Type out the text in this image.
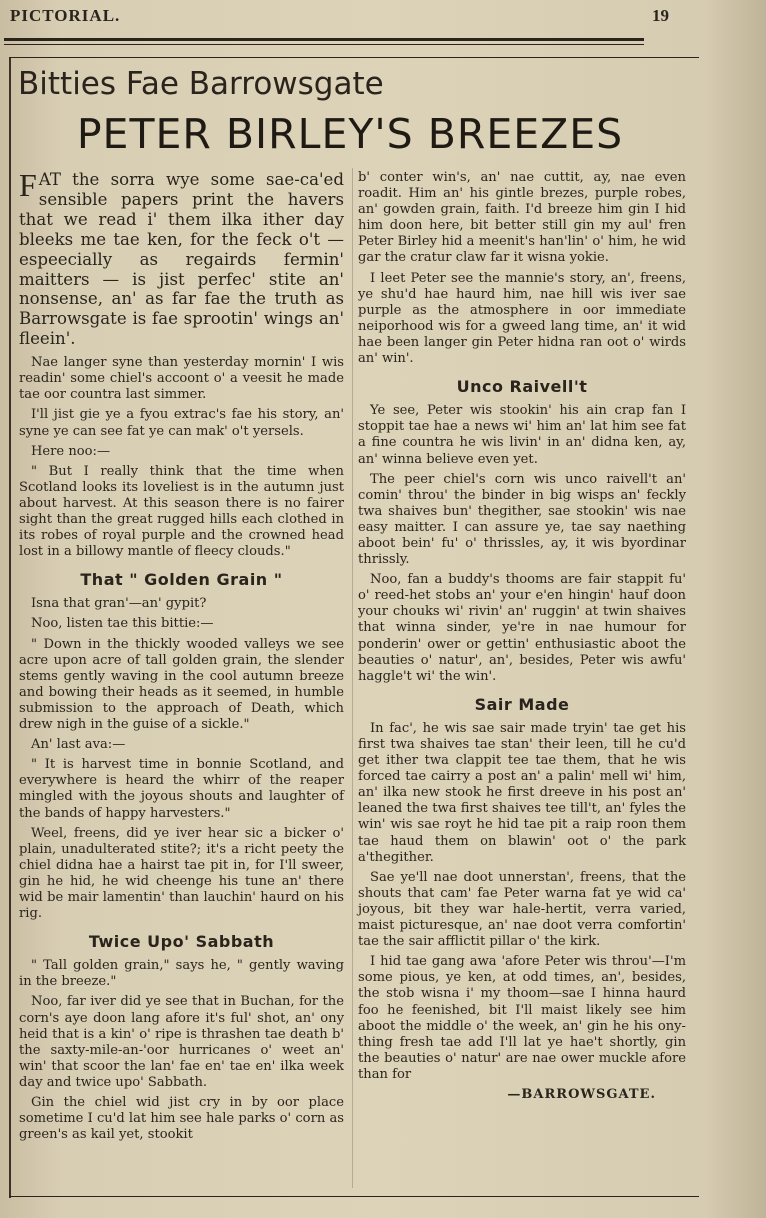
PICTORIAL.	19
Bitties Fae Barrowsgate
PETER BIRLEY'S BREEZES

FAT the sorra wye some sae-ca'ed sensible papers print the havers that we read i' them ilka ither day bleeks me tae ken, for the feck o't — espeecially as regairds fermin' maitters — is jist perfec' stite an' nonsense, an' as far fae the truth as Barrowsgate is fae sprootin' wings an' fleein'.

Nae langer syne than yesterday mornin' I wis readin' some chiel's accoont o' a veesit he made tae oor countra last simmer.

I'll jist gie ye a fyou extrac's fae his story, an' syne ye can see fat ye can mak' o't yersels.

Here noo:—

" But I really think that the time when Scotland looks its loveliest is in the autumn just about harvest. At this season there is no fairer sight than the great rugged hills each clothed in its robes of royal purple and the crowned head lost in a billowy mantle of fleecy clouds."

That " Golden Grain "

Isna that gran'—an' gypit?

Noo, listen tae this bittie:—

" Down in the thickly wooded valleys we see acre upon acre of tall golden grain, the slender stems gently waving in the cool autumn breeze and bowing their heads as it seemed, in humble submission to the approach of Death, which drew nigh in the guise of a sickle."

An' last ava:—

" It is harvest time in bonnie Scotland, and everywhere is heard the whirr of the reaper mingled with the joyous shouts and laughter of the bands of happy harvesters."

Weel, freens, did ye iver hear sic a bicker o' plain, unadulterated stite?; it's a richt peety the chiel didna hae a hairst tae pit in, for I'll sweer, gin he hid, he wid cheenge his tune an' there wid be mair lamentin' than lauchin' haurd on his rig.

Twice Upo' Sabbath

" Tall golden grain," says he, " gently waving in the breeze."

Noo, far iver did ye see that in Buchan, for the corn's aye doon lang afore it's ful' shot, an' ony heid that is a kin' o' ripe is thrashen tae death b' the saxty-mile-an-'oor hurricanes o' weet an' win' that scoor the lan' fae en' tae en' ilka week day and twice upo' Sabbath.

Gin the chiel wid jist cry in by oor place sometime I cu'd lat him see hale parks o' corn as green's as kail yet, stookit

b' conter win's, an' nae cuttit, ay, nae even roadit. Him an' his gintle brezes, purple robes, an' gowden grain, faith. I'd breeze him gin I hid him doon here, bit better still gin my aul' fren Peter Birley hid a meenit's han'lin' o' him, he wid gar the cratur claw far it wisna yokie.

I leet Peter see the mannie's story, an', freens, ye shu'd hae haurd him, nae hill wis iver sae purple as the atmosphere in oor immediate neiporhood wis for a gweed lang time, an' it wid hae been langer gin Peter hidna ran oot o' wirds an' win'.

Unco Raivell't

Ye see, Peter wis stookin' his ain crap fan I stoppit tae hae a news wi' him an' lat him see fat a fine countra he wis livin' in an' didna ken, ay, an' winna believe even yet.

The peer chiel's corn wis unco raivell't an' comin' throu' the binder in big wisps an' feckly twa shaives bun' thegither, sae stookin' wis nae easy maitter. I can assure ye, tae say naething aboot bein' fu' o' thrissles, ay, it wis byordinar thrissly.

Noo, fan a buddy's thooms are fair stappit fu' o' reed-het stobs an' your e'en hingin' hauf doon your chouks wi' rivin' an' ruggin' at twin shaives that winna sinder, ye're in nae humour for ponderin' ower or gettin' enthusiastic aboot the beauties o' natur', an', besides, Peter wis awfu' haggle't wi' the win'.

Sair Made

In fac', he wis sae sair made tryin' tae get his first twa shaives tae stan' their leen, till he cu'd get ither twa clappit tee tae them, that he wis forced tae cairry a post an' a palin' mell wi' him, an' ilka new stook he first dreeve in his post an' leaned the twa first shaives tee till't, an' fyles the win' wis sae royt he hid tae pit a raip roon them tae haud them on blawin' oot o' the park a'thegither.

Sae ye'll nae doot unnerstan', freens, that the shouts that cam' fae Peter warna fat ye wid ca' joyous, bit they war hale-hertit, verra varied, maist picturesque, an' nae doot verra comfortin' tae the sair afflictit pillar o' the kirk.

I hid tae gang awa 'afore Peter wis throu'—I'm some pious, ye ken, at odd times, an', besides, the stob wisna i' my thoom—sae I hinna haurd foo he feenished, bit I'll maist likely see him aboot the middle o' the week, an' gin he his ony-thing fresh tae add I'll lat ye hae't shortly, gin the beauties o' natur' are nae ower muckle afore than for

—BARROWSGATE.
